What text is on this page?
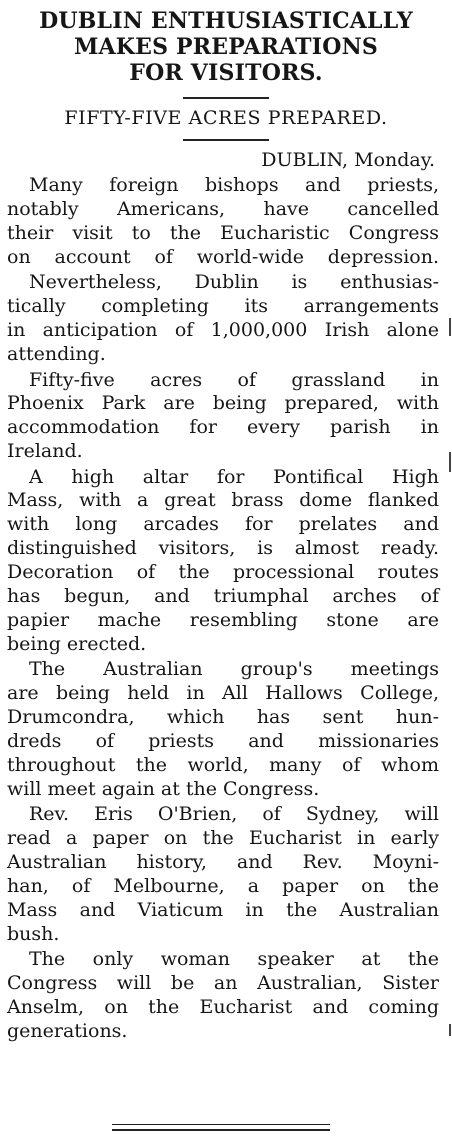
DUBLIN ENTHUSIASTICALLY
MAKES PREPARATIONS
FOR VISITORS.
FIFTY-FIVE ACRES PREPARED.
DUBLIN, Monday.
Many foreign bishops and priests,
notably Americans, have cancelled
their visit to the Eucharistic Congress
on account of world-wide depression.
Nevertheless, Dublin is enthusias-
tically completing its arrangements
in anticipation of 1,000,000 Irish alone
attending.
Fifty-five acres of grassland in
Phoenix Park are being prepared, with
accommodation for every parish in
Ireland.
A high altar for Pontifical High
Mass, with a great brass dome flanked
with long arcades for prelates and
distinguished visitors, is almost ready.
Decoration of the processional routes
has begun, and triumphal arches of
papier mache resembling stone are
being erected.
The Australian group's meetings
are being held in All Hallows College,
Drumcondra, which has sent hun-
dreds of priests and missionaries
throughout the world, many of whom
will meet again at the Congress.
Rev. Eris O'Brien, of Sydney, will
read a paper on the Eucharist in early
Australian history, and Rev. Moyni-
han, of Melbourne, a paper on the
Mass and Viaticum in the Australian
bush.
The only woman speaker at the
Congress will be an Australian, Sister
Anselm, on the Eucharist and coming
generations.
